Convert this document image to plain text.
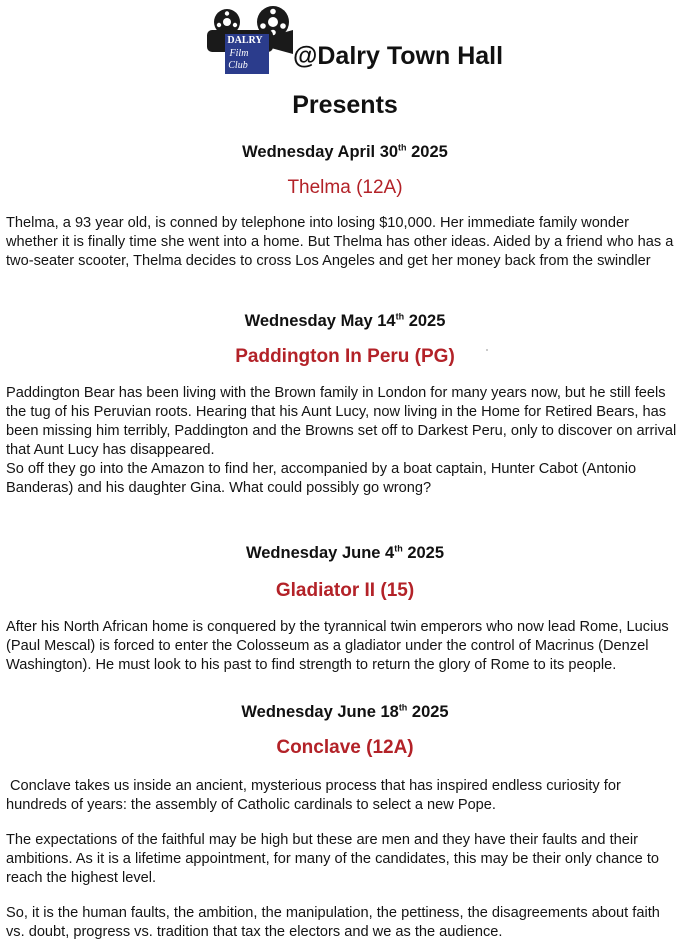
DALRY
Film
Club @Dalry Town Hall
Presents
Wednesday April 30th 2025
Thelma (12A)
Thelma, a 93 year old, is conned by telephone into losing $10,000. Her immediate family wonder whether it is finally time she went into a home. But Thelma has other ideas. Aided by a friend who has a two-seater scooter, Thelma decides to cross Los Angeles and get her money back from the swindler
Wednesday May 14th 2025
Paddington In Peru (PG)
Paddington Bear has been living with the Brown family in London for many years now, but he still feels the tug of his Peruvian roots. Hearing that his Aunt Lucy, now living in the Home for Retired Bears, has been missing him terribly, Paddington and the Browns set off to Darkest Peru, only to discover on arrival that Aunt Lucy has disappeared.
So off they go into the Amazon to find her, accompanied by a boat captain, Hunter Cabot (Antonio Banderas) and his daughter Gina. What could possibly go wrong?
Wednesday June 4th 2025
Gladiator II (15)
After his North African home is conquered by the tyrannical twin emperors who now lead Rome, Lucius (Paul Mescal) is forced to enter the Colosseum as a gladiator under the control of Macrinus (Denzel Washington). He must look to his past to find strength to return the glory of Rome to its people.
Wednesday June 18th 2025
Conclave (12A)
Conclave takes us inside an ancient, mysterious process that has inspired endless curiosity for hundreds of years: the assembly of Catholic cardinals to select a new Pope.
The expectations of the faithful may be high but these are men and they have their faults and their ambitions. As it is a lifetime appointment, for many of the candidates, this may be their only chance to reach the highest level.
So, it is the human faults, the ambition, the manipulation, the pettiness, the disagreements about faith vs. doubt, progress vs. tradition that tax the electors and we as the audience.
